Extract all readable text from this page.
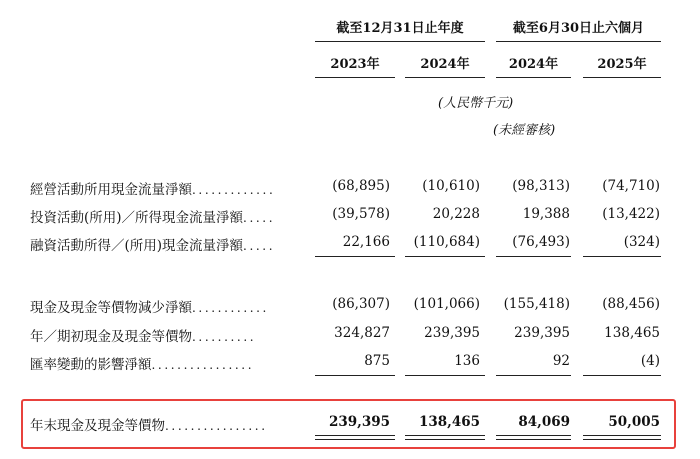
截至12月31日止年度	截至6月30日止六個月
2023年	2024年	2024年	2025年
(人民幣千元)
(未經審核)
經營活動所用現金流量淨額.............	(68,895)	(10,610)	(98,313)	(74,710)
投資活動(所用)／所得現金流量淨額.....	(39,578)	20,228	19,388	(13,422)
融資活動所得／(所用)現金流量淨額.....	22,166	(110,684)	(76,493)	(324)
現金及現金等價物減少淨額............	(86,307)	(101,066)	(155,418)	(88,456)
年／期初現金及現金等價物..........	324,827	239,395	239,395	138,465
匯率變動的影響淨額................	875	136	92	(4)
年末現金及現金等價物................	239,395	138,465	84,069	50,005
